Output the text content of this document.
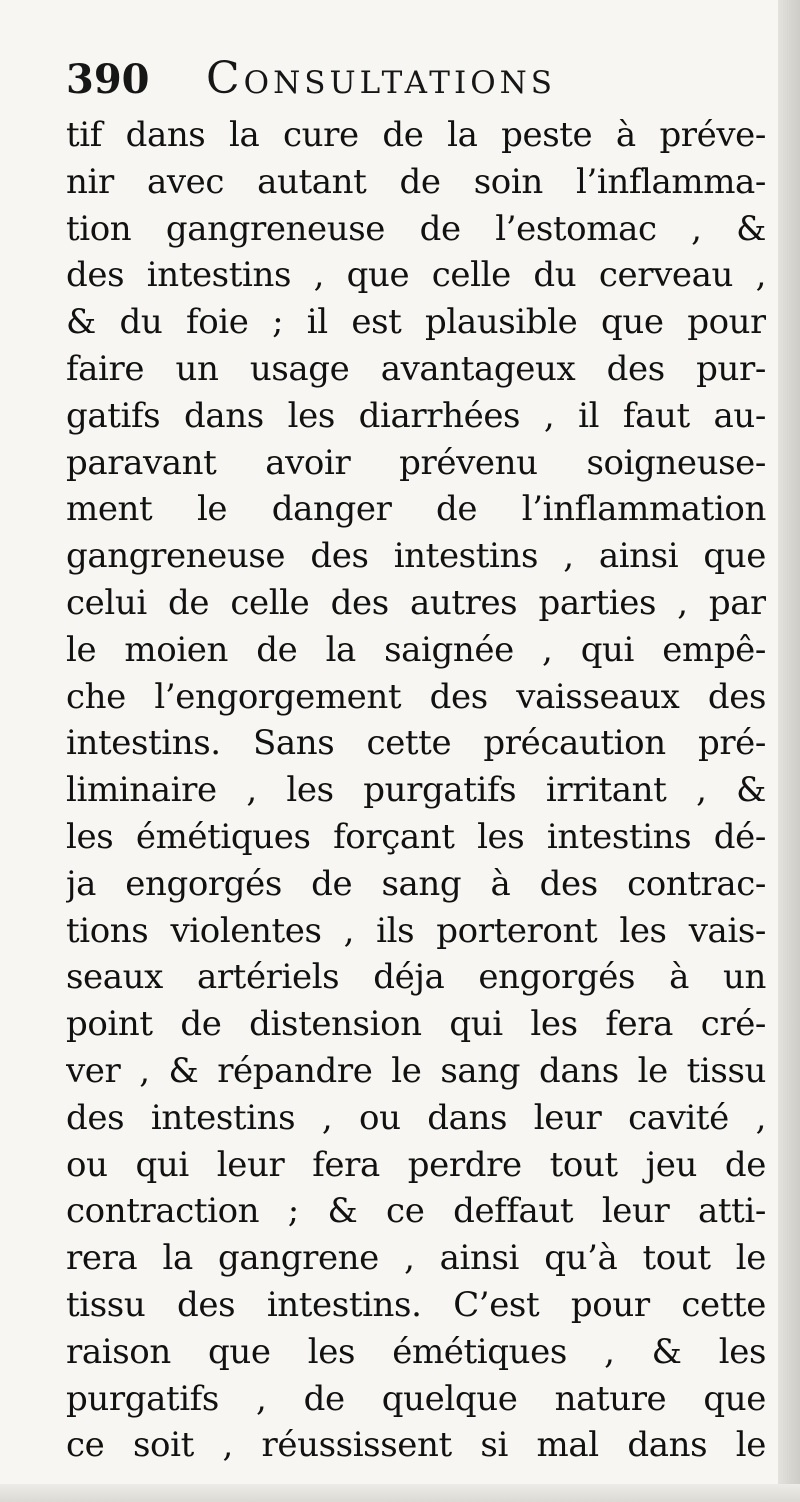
390 Consultations
tif dans la cure de la peste à préve-
nir avec autant de soin l’inflamma-
tion gangreneuse de l’estomac , &
des intestins , que celle du cerveau ,
& du foie ; il est plausible que pour
faire un usage avantageux des pur-
gatifs dans les diarrhées , il faut au-
paravant avoir prévenu soigneuse-
ment le danger de l’inflammation
gangreneuse des intestins , ainsi que
celui de celle des autres parties , par
le moien de la saignée , qui empê-
che l’engorgement des vaisseaux des
intestins. Sans cette précaution pré-
liminaire , les purgatifs irritant , &
les émétiques forçant les intestins dé-
ja engorgés de sang à des contrac-
tions violentes , ils porteront les vais-
seaux artériels déja engorgés à un
point de distension qui les fera cré-
ver , & répandre le sang dans le tissu
des intestins , ou dans leur cavité ,
ou qui leur fera perdre tout jeu de
contraction ; & ce deffaut leur atti-
rera la gangrene , ainsi qu’à tout le
tissu des intestins. C’est pour cette
raison que les émétiques , & les
purgatifs , de quelque nature que
ce soit , réussissent si mal dans le
